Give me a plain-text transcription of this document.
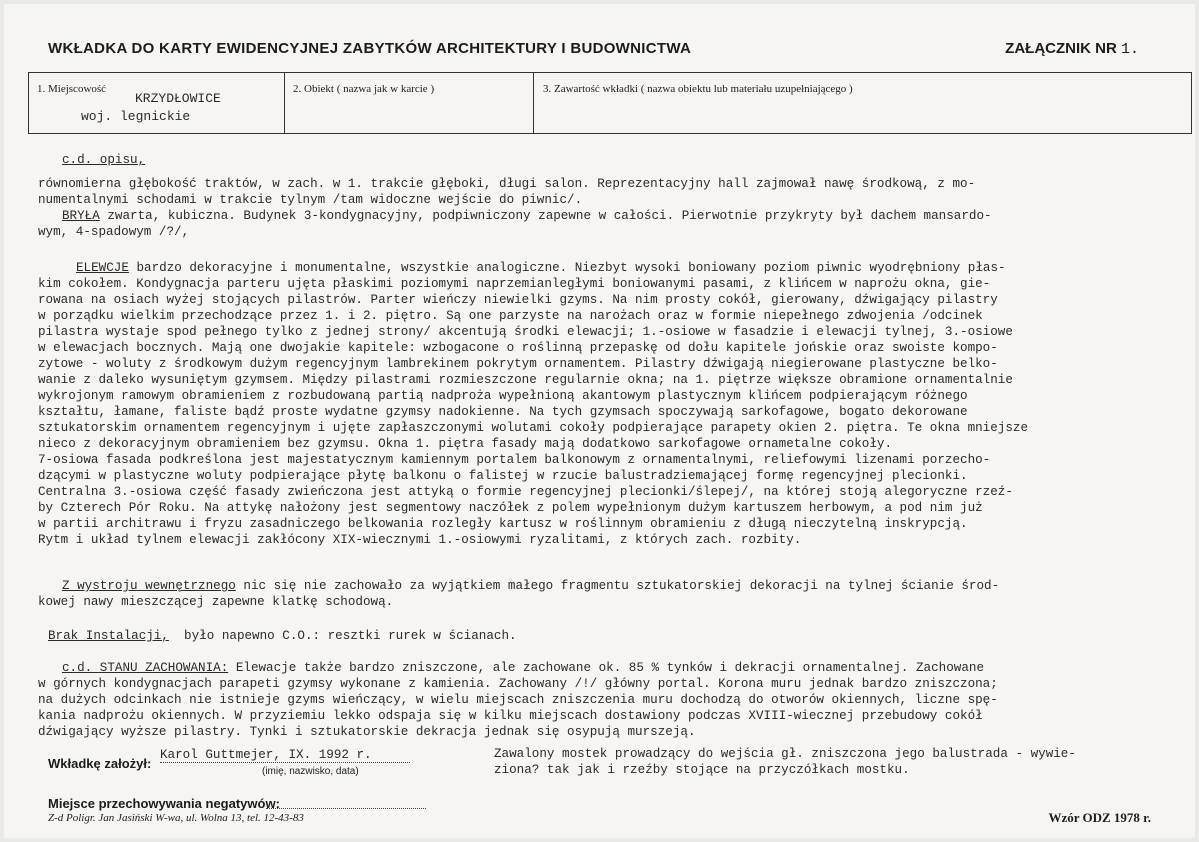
WKŁADKA DO KARTY EWIDENCYJNEJ ZABYTKÓW ARCHITEKTURY I BUDOWNICTWA	ZAŁĄCZNIK NR 1.
1. Miejscowość
KRZYDŁOWICE
woj. legnickie
2. Obiekt ( nazwa jak w karcie )	3. Zawartość wkładki ( nazwa obiektu lub materiału uzupełniającego )
c.d. opisu,
równomierna głębokość traktów, w zach. w 1. trakcie głęboki, długi salon. Reprezentacyjny hall zajmował nawę środkową, z mo-
numentalnymi schodami w trakcie tylnym /tam widoczne wejście do piwnic/.
BRYŁA zwarta, kubiczna. Budynek 3-kondygnacyjny, podpiwniczony zapewne w całości. Pierwotnie przykryty był dachem mansardo-
wym, 4-spadowym /?/,
ELEWCJE bardzo dekoracyjne i monumentalne, wszystkie analogiczne. Niezbyt wysoki boniowany poziom piwnic wyodrębniony płas-
kim cokołem. Kondygnacja parteru ujęta płaskimi poziomymi naprzemianległymi boniowanymi pasami, z klińcem w naprożu okna, gie-
rowana na osiach wyżej stojących pilastrów. Parter wieńczy niewielki gzyms. Na nim prosty cokół, gierowany, dźwigający pilastry
w porządku wielkim przechodzące przez 1. i 2. piętro. Są one parzyste na narożach oraz w formie niepełnego zdwojenia /odcinek
pilastra wystaje spod pełnego tylko z jednej strony/ akcentują środki elewacji; 1.-osiowe w fasadzie i elewacji tylnej, 3.-osiowe
w elewacjach bocznych. Mają one dwojakie kapitele: wzbogacone o roślinną przepaskę od dołu kapitele jońskie oraz swoiste kompo-
zytowe - woluty z środkowym dużym regencyjnym lambrekinem pokrytym ornamentem. Pilastry dźwigają niegierowane plastyczne belko-
wanie z daleko wysuniętym gzymsem. Między pilastrami rozmieszczone regularnie okna; na 1. piętrze większe obramione ornamentalnie
wykrojonym ramowym obramieniem z rozbudowaną partią nadproża wypełnioną akantowym plastycznym klińcem podpierającym różnego
kształtu, łamane, faliste bądź proste wydatne gzymsy nadokienne. Na tych gzymsach spoczywają sarkofagowe, bogato dekorowane
sztukatorskim ornamentem regencyjnym i ujęte zapłaszczonymi wolutami cokoły podpierające parapety okien 2. piętra. Te okna mniejsze
nieco z dekoracyjnym obramieniem bez gzymsu. Okna 1. piętra fasady mają dodatkowo sarkofagowe ornametalne cokoły.
7-osiowa fasada podkreślona jest majestatycznym kamiennym portalem balkonowym z ornamentalnymi, reliefowymi lizenami porzecho-
dzącymi w plastyczne woluty podpierające płytę balkonu o falistej w rzucie balustradziemającej formę regencyjnej plecionki.
Centralna 3.-osiowa część fasady zwieńczona jest attyką o formie regencyjnej plecionki/ślepej/, na której stoją alegoryczne rzeź-
by Czterech Pór Roku. Na attykę nałożony jest segmentowy naczółek z polem wypełnionym dużym kartuszem herbowym, a pod nim już
w partii architrawu i fryzu zasadniczego belkowania rozległy kartusz w roślinnym obramieniu z długą nieczytelną inskrypcją.
Rytm i układ tylnem elewacji zakłócony XIX-wiecznymi 1.-osiowymi ryzalitami, z których zach. rozbity.
Z wystroju wewnętrznego nic się nie zachowało za wyjątkiem małego fragmentu sztukatorskiej dekoracji na tylnej ścianie środ-
kowej nawy mieszczącej zapewne klatkę schodową.
Brak Instalacji,  było napewno C.O.: resztki rurek w ścianach.
c.d. STANU ZACHOWANIA: Elewacje także bardzo zniszczone, ale zachowane ok. 85 % tynków i dekracji ornamentalnej. Zachowane
w górnych kondygnacjach parapeti gzymsy wykonane z kamienia. Zachowany /!/ główny portal. Korona muru jednak bardzo zniszczona;
na dużych odcinkach nie istnieje gzyms wieńczący, w wielu miejscach zniszczenia muru dochodzą do otworów okiennych, liczne spę-
kania nadprożu okiennych. W przyziemiu lekko odspaja się w kilku miejscach dostawiony podczas XVIII-wiecznej przebudowy cokół
dźwigający wyższe pilastry. Tynki i sztukatorskie dekracja jednak się osypują murszeją.
Zawalony mostek prowadzący do wejścia gł. zniszczona jego balustrada - wywie-
ziona? tak jak i rzeźby stojące na przyczółkach mostku.
Wkładkę założył:
Karol Guttmejer, IX. 1992 r.
(imię, nazwisko, data)
Miejsce przechowywania negatywów:
Z-d Poligr. Jan Jasiński W-wa, ul. Wolna 13, tel. 12-43-83	Wzór ODZ 1978 r.
